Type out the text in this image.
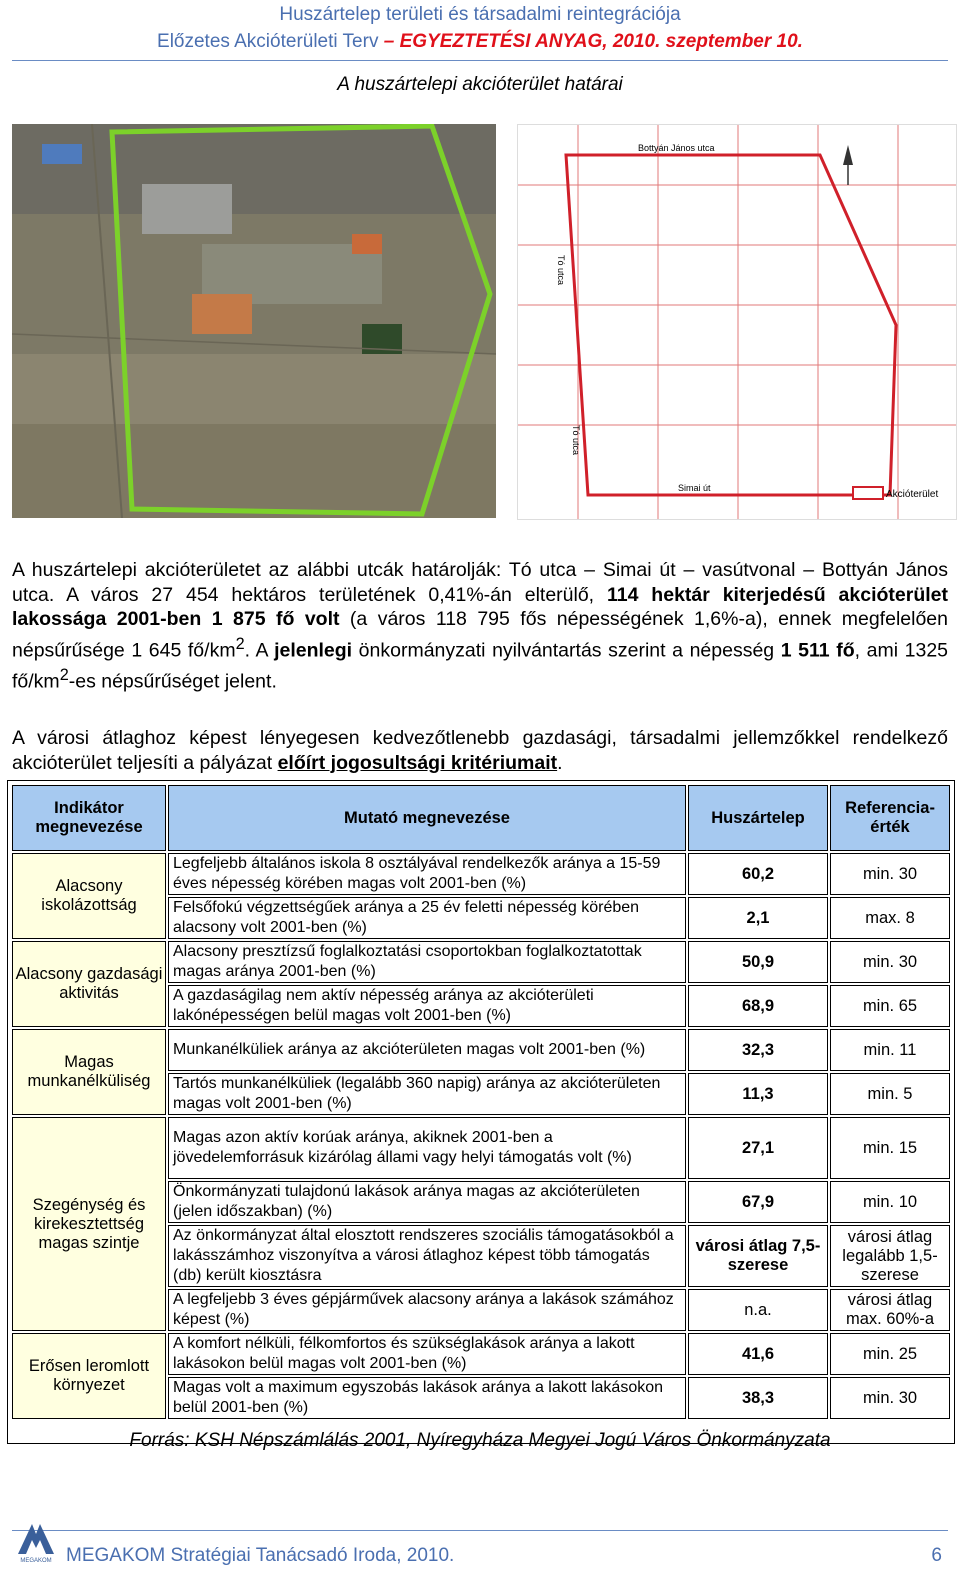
Huszártelep területi és társadalmi reintegrációja
Előzetes Akcióterületi Terv – EGYEZTETÉSI ANYAG, 2010. szeptember 10.
A huszártelepi akcióterület határai
Bottyán János utca
Tó utca
Simai út
Tó utca
Akcióterület
A huszártelepi akcióterületet az alábbi utcák határolják: Tó utca – Simai út – vasútvonal – Bottyán János utca. A város 27 454 hektáros területének 0,41%-án elterülő, 114 hektár kiterjedésű akcióterület lakossága 2001-ben 1 875 fő volt (a város 118 795 fős népességének 1,6%-a), ennek megfelelően népsűrűsége 1 645 $fő/km^2$. A jelenlegi önkormányzati nyilvántartás szerint a népesség 1 511 fő, ami 1325 $fő/km^2-es$ népsűrűséget jelent.
A városi átlaghoz képest lényegesen kedvezőtlenebb gazdasági, társadalmi jellemzőkkel rendelkező akcióterület teljesíti a pályázat előírt jogosultsági kritériumait.
Indikátor megnevezése	Mutató megnevezése	Huszártelep	Referencia-érték
Alacsony iskolázottság	Legfeljebb általános iskola 8 osztályával rendelkezők aránya a 15-59 éves népesség körében magas volt 2001-ben (%)	60,2	min. 30
	Felsőfokú végzettségűek aránya a 25 év feletti népesség körében alacsony volt 2001-ben (%)	2,1	max. 8
Alacsony gazdasági aktivitás	Alacsony presztízsű foglalkoztatási csoportokban foglalkoztatottak magas aránya 2001-ben (%)	50,9	min. 30
	A gazdaságilag nem aktív népesség aránya az akcióterületi lakónépességen belül magas volt 2001-ben (%)	68,9	min. 65
Magas munkanélküliség	Munkanélküliek aránya az akcióterületen magas volt 2001-ben (%)	32,3	min. 11
	Tartós munkanélküliek (legalább 360 napig) aránya az akcióterületen magas volt 2001-ben (%)	11,3	min. 5
Szegénység és kirekesztettség magas szintje	Magas azon aktív korúak aránya, akiknek 2001-ben a jövedelemforrásuk kizárólag állami vagy helyi támogatás volt (%)	27,1	min. 15
	Önkormányzati tulajdonú lakások aránya magas az akcióterületen (jelen időszakban) (%)	67,9	min. 10
	Az önkormányzat által elosztott rendszeres szociális támogatásokból a lakásszámhoz viszonyítva a városi átlaghoz képest több támogatás (db) került kiosztásra	városi átlag 7,5-szerese	városi átlag legalább 1,5-szerese
	A legfeljebb 3 éves gépjárművek alacsony aránya a lakások számához képest (%)	n.a.	városi átlag max. 60%-a
Erősen leromlott környezet	A komfort nélküli, félkomfortos és szükséglakások aránya a lakott lakásokon belül magas volt 2001-ben (%)	41,6	min. 25
	Magas volt a maximum egyszobás lakások aránya a lakott lakásokon belül 2001-ben (%)	38,3	min. 30
Forrás: KSH Népszámlálás 2001, Nyíregyháza Megyei Jogú Város Önkormányzata
MEGAKOM MEGAKOM Stratégiai Tanácsadó Iroda, 2010.	6
